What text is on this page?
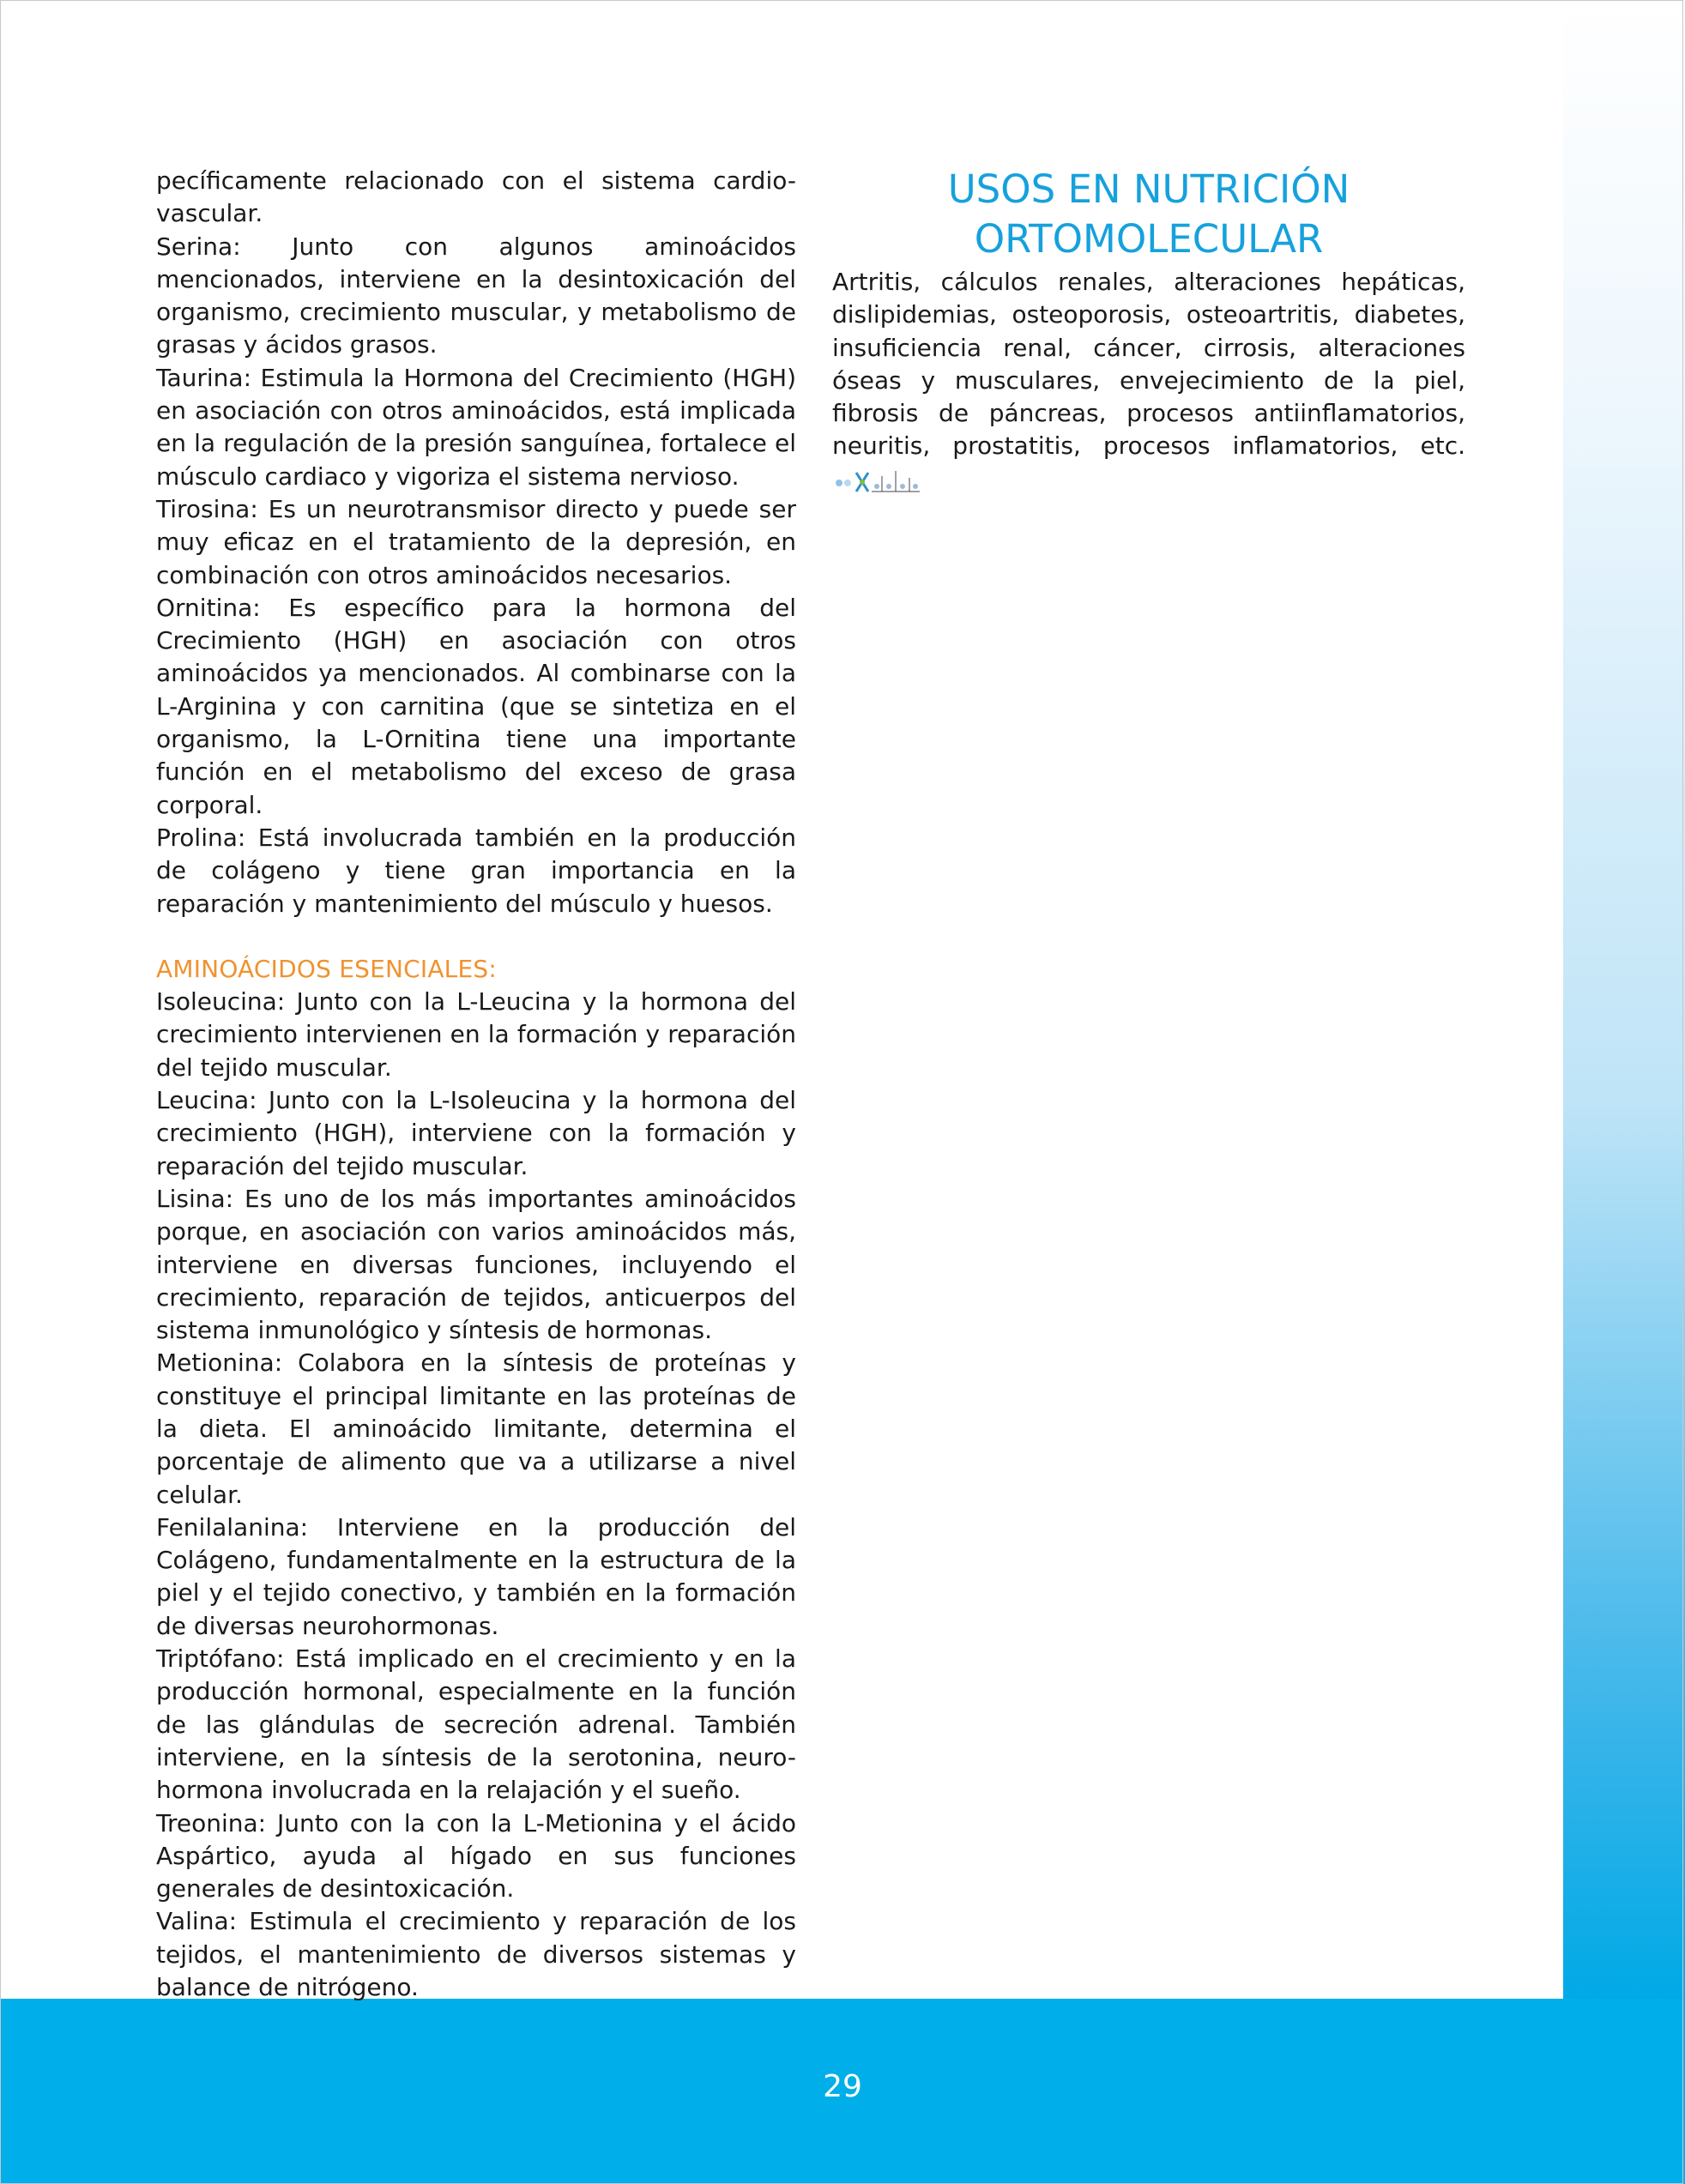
29

pecíficamente relacionado con el sistema cardio-vascular.

Serina: Junto con algunos aminoácidos mencionados, interviene en la desintoxicación del organismo, crecimiento muscular, y metabolismo de grasas y ácidos grasos.

Taurina: Estimula la Hormona del Crecimiento (HGH) en asociación con otros aminoácidos, está implicada en la regulación de la presión sanguínea, fortalece el músculo cardiaco y vigoriza el sistema nervioso.

Tirosina: Es un neurotransmisor directo y puede ser muy eficaz en el tratamiento de la depresión, en combinación con otros aminoácidos necesarios.

Ornitina: Es específico para la hormona del Crecimiento (HGH) en asociación con otros aminoácidos ya mencionados. Al combinarse con la L-Arginina y con carnitina (que se sintetiza en el organismo, la L-Ornitina tiene una importante función en el metabolismo del exceso de grasa corporal.

Prolina: Está involucrada también en la producción de colágeno y tiene gran importancia en la reparación y mantenimiento del músculo y huesos.

AMINOÁCIDOS ESENCIALES:

Isoleucina: Junto con la L-Leucina y la hormona del crecimiento intervienen en la formación y reparación del tejido muscular.

Leucina: Junto con la L-Isoleucina y la hormona del crecimiento (HGH), interviene con la formación y reparación del tejido muscular.

Lisina: Es uno de los más importantes aminoácidos porque, en asociación con varios aminoácidos más, interviene en diversas funciones, incluyendo el crecimiento, reparación de tejidos, anticuerpos del sistema inmunológico y síntesis de hormonas.

Metionina: Colabora en la síntesis de proteínas y constituye el principal limitante en las proteínas de la dieta. El aminoácido limitante, determina el porcentaje de alimento que va a utilizarse a nivel celular.

Fenilalanina: Interviene en la producción del Colágeno, fundamentalmente en la estructura de la piel y el tejido conectivo, y también en la formación de diversas neurohormonas.

Triptófano: Está implicado en el crecimiento y en la producción hormonal, especialmente en la función de las glándulas de secreción adrenal. También interviene, en la síntesis de la serotonina, neuro-hormona involucrada en la relajación y el sueño.

Treonina: Junto con la con la L-Metionina y el ácido Aspártico, ayuda al hígado en sus funciones generales de desintoxicación.

Valina: Estimula el crecimiento y reparación de los tejidos, el mantenimiento de diversos sistemas y balance de nitrógeno.

USOS EN NUTRICIÓN
ORTOMOLECULAR

Artritis, cálculos renales, alteraciones hepáticas, dislipidemias, osteoporosis, osteoartritis, diabetes, insuficiencia renal, cáncer, cirrosis, alteraciones óseas y musculares, envejecimiento de la piel, fibrosis de páncreas, procesos antiinflamatorios, neuritis, prostatitis, procesos inflamatorios, etc.
